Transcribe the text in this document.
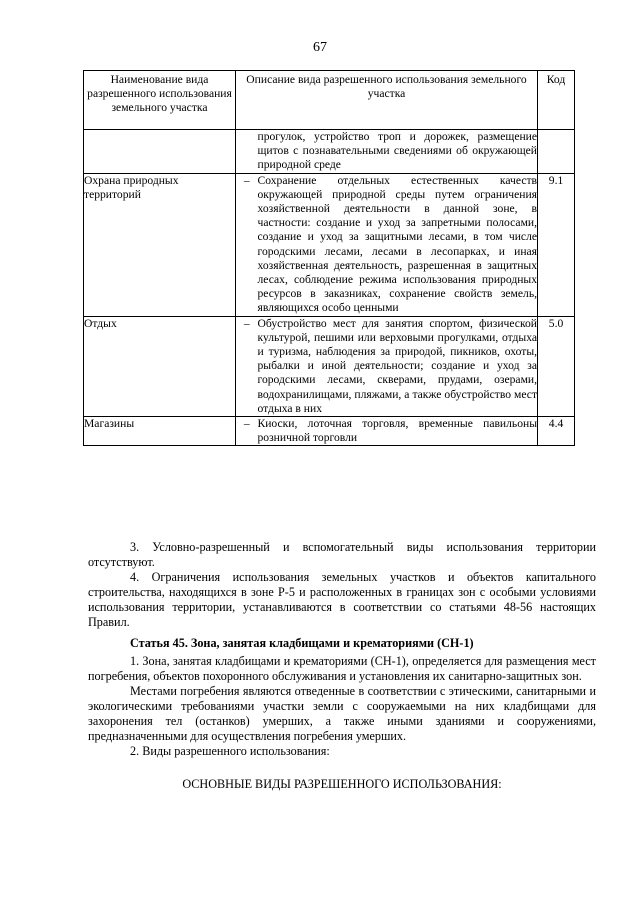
67
Наименование вида разрешенного использования земельного участка	Описание вида разрешенного использования земельного участка		Код
		прогулок, устройство троп и дорожек, размещение щитов с познавательными сведениями об окружающей природной среде	
Охрана природных территорий	–	Сохранение отдельных естественных качеств окружающей природной среды путем ограничения хозяйственной деятельности в данной зоне, в частности: создание и уход за запретными полосами, создание и уход за защитными лесами, в том числе городскими лесами, лесами в лесопарках, и иная хозяйственная деятельность, разрешенная в защитных лесах, соблюдение режима использования природных ресурсов в заказниках, сохранение свойств земель, являющихся особо ценными	9.1
Отдых	–	Обустройство мест для занятия спортом, физической культурой, пешими или верховыми прогулками, отдыха и туризма, наблюдения за природой, пикников, охоты, рыбалки и иной деятельности; создание и уход за городскими лесами, скверами, прудами, озерами, водохранилищами, пляжами, а также обустройство мест отдыха в них	5.0
Магазины	–	Киоски, лоточная торговля, временные павильоны розничной торговли	4.4

3. Условно-разрешенный и вспомогательный виды использования территории отсутствуют.

4. Ограничения использования земельных участков и объектов капитального строительства, находящихся в зоне Р-5 и расположенных в границах зон с особыми условиями использования территории, устанавливаются в соответствии со статьями 48-56 настоящих Правил.

Статья 45. Зона, занятая кладбищами и крематориями (СН-1)

1. Зона, занятая кладбищами и крематориями (СН-1), определяется для размещения мест погребения, объектов похоронного обслуживания и установления их санитарно-защитных зон.

Местами погребения являются отведенные в соответствии с этическими, санитарными и экологическими требованиями участки земли с сооружаемыми на них кладбищами для захоронения тел (останков) умерших, а также иными зданиями и сооружениями, предназначенными для осуществления погребения умерших.

2. Виды разрешенного использования:

ОСНОВНЫЕ ВИДЫ РАЗРЕШЕННОГО ИСПОЛЬЗОВАНИЯ:
